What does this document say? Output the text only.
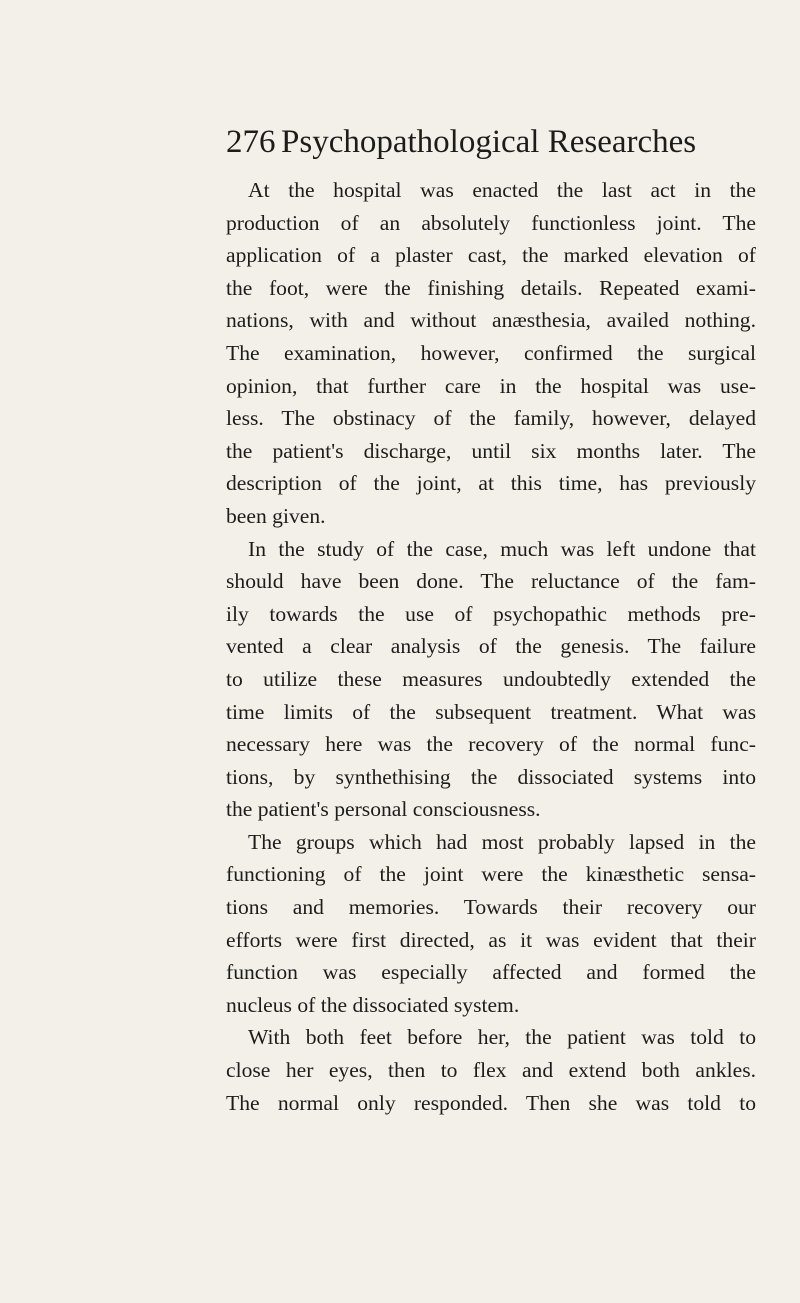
276 Psychopathological Researches
At the hospital was enacted the last act in the
production of an absolutely functionless joint. The
application of a plaster cast, the marked elevation of
the foot, were the finishing details. Repeated exami-
nations, with and without anæsthesia, availed nothing.
The examination, however, confirmed the surgical
opinion, that further care in the hospital was use-
less. The obstinacy of the family, however, delayed
the patient's discharge, until six months later. The
description of the joint, at this time, has previously
been given.
In the study of the case, much was left undone that
should have been done. The reluctance of the fam-
ily towards the use of psychopathic methods pre-
vented a clear analysis of the genesis. The failure
to utilize these measures undoubtedly extended the
time limits of the subsequent treatment. What was
necessary here was the recovery of the normal func-
tions, by synthethising the dissociated systems into
the patient's personal consciousness.
The groups which had most probably lapsed in the
functioning of the joint were the kinæsthetic sensa-
tions and memories. Towards their recovery our
efforts were first directed, as it was evident that their
function was especially affected and formed the
nucleus of the dissociated system.
With both feet before her, the patient was told to
close her eyes, then to flex and extend both ankles.
The normal only responded. Then she was told to
